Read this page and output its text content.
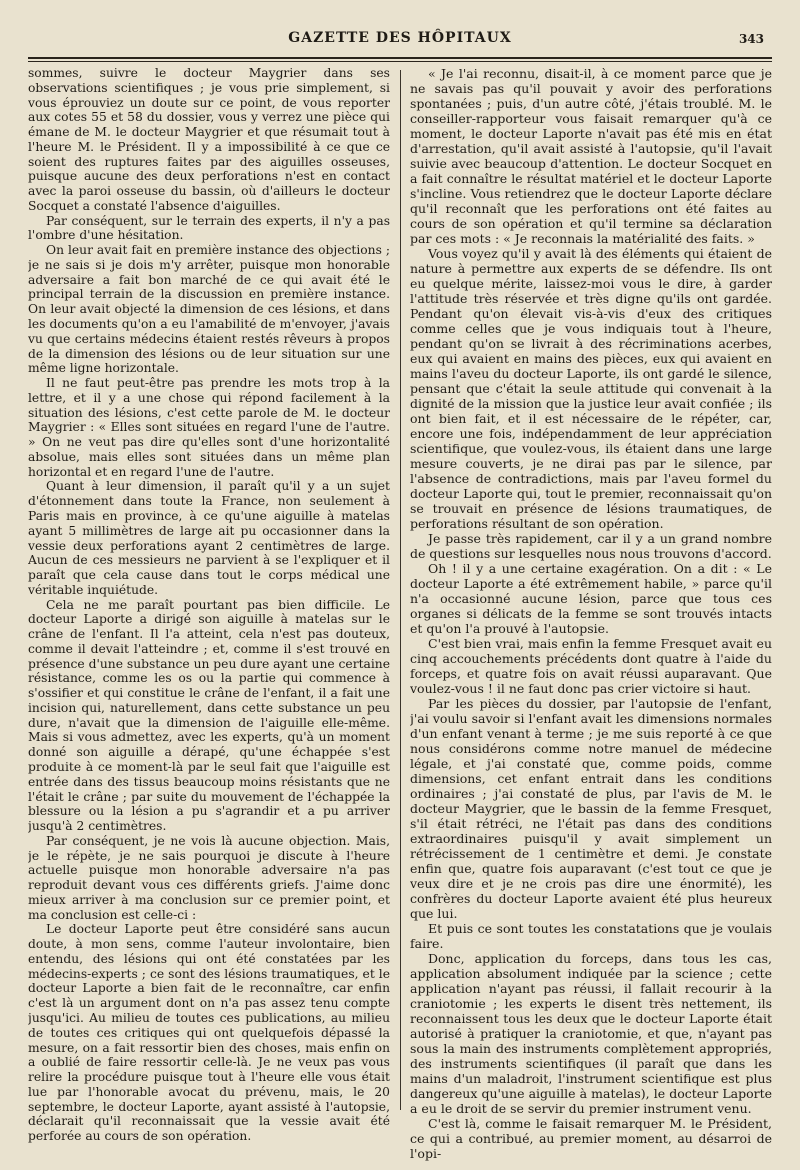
GAZETTE DES HÔPITAUX	343

sommes, suivre le docteur Maygrier dans ses observations scientifiques ; je vous prie simplement, si vous éprouviez un doute sur ce point, de vous reporter aux cotes 55 et 58 du dossier, vous y verrez une pièce qui émane de M. le docteur Maygrier et que résumait tout à l'heure M. le Président. Il y a impossibilité à ce que ce soient des ruptures faites par des aiguilles osseuses, puisque aucune des deux perforations n'est en contact avec la paroi osseuse du bassin, où d'ailleurs le docteur Socquet a constaté l'absence d'aiguilles.

Par conséquent, sur le terrain des experts, il n'y a pas l'ombre d'une hésitation.

On leur avait fait en première instance des objections ; je ne sais si je dois m'y arrêter, puisque mon honorable adversaire a fait bon marché de ce qui avait été le principal terrain de la discussion en première instance. On leur avait objecté la dimension de ces lésions, et dans les documents qu'on a eu l'amabilité de m'envoyer, j'avais vu que certains médecins étaient restés rêveurs à propos de la dimension des lésions ou de leur situation sur une même ligne horizontale.

Il ne faut peut-être pas prendre les mots trop à la lettre, et il y a une chose qui répond facilement à la situation des lésions, c'est cette parole de M. le docteur Maygrier : « Elles sont situées en regard l'une de l'autre. » On ne veut pas dire qu'elles sont d'une horizontalité absolue, mais elles sont situées dans un même plan horizontal et en regard l'une de l'autre.

Quant à leur dimension, il paraît qu'il y a un sujet d'étonnement dans toute la France, non seulement à Paris mais en province, à ce qu'une aiguille à matelas ayant 5 millimètres de large ait pu occasionner dans la vessie deux perforations ayant 2 centimètres de large. Aucun de ces messieurs ne parvient à se l'expliquer et il paraît que cela cause dans tout le corps médical une véritable inquiétude.

Cela ne me paraît pourtant pas bien difficile. Le docteur Laporte a dirigé son aiguille à matelas sur le crâne de l'enfant. Il l'a atteint, cela n'est pas douteux, comme il devait l'atteindre ; et, comme il s'est trouvé en présence d'une substance un peu dure ayant une certaine résistance, comme les os ou la partie qui commence à s'ossifier et qui constitue le crâne de l'enfant, il a fait une incision qui, naturellement, dans cette substance un peu dure, n'avait que la dimension de l'aiguille elle-même. Mais si vous admettez, avec les experts, qu'à un moment donné son aiguille a dérapé, qu'une échappée s'est produite à ce moment-là par le seul fait que l'aiguille est entrée dans des tissus beaucoup moins résistants que ne l'était le crâne ; par suite du mouvement de l'échappée la blessure ou la lésion a pu s'agrandir et a pu arriver jusqu'à 2 centimètres.

Par conséquent, je ne vois là aucune objection. Mais, je le répète, je ne sais pourquoi je discute à l'heure actuelle puisque mon honorable adversaire n'a pas reproduit devant vous ces différents griefs. J'aime donc mieux arriver à ma conclusion sur ce premier point, et ma conclusion est celle-ci :

Le docteur Laporte peut être considéré sans aucun doute, à mon sens, comme l'auteur involontaire, bien entendu, des lésions qui ont été constatées par les médecins-experts ; ce sont des lésions traumatiques, et le docteur Laporte a bien fait de le reconnaître, car enfin c'est là un argument dont on n'a pas assez tenu compte jusqu'ici. Au milieu de toutes ces publications, au milieu de toutes ces critiques qui ont quelquefois dépassé la mesure, on a fait ressortir bien des choses, mais enfin on a oublié de faire ressortir celle-là. Je ne veux pas vous relire la procédure puisque tout à l'heure elle vous était lue par l'honorable avocat du prévenu, mais, le 20 septembre, le docteur Laporte, ayant assisté à l'autopsie, déclarait qu'il reconnaissait que la vessie avait été perforée au cours de son opération.

« Je l'ai reconnu, disait-il, à ce moment parce que je ne savais pas qu'il pouvait y avoir des perforations spontanées ; puis, d'un autre côté, j'étais troublé. M. le conseiller-rapporteur vous faisait remarquer qu'à ce moment, le docteur Laporte n'avait pas été mis en état d'arrestation, qu'il avait assisté à l'autopsie, qu'il l'avait suivie avec beaucoup d'attention. Le docteur Socquet en a fait connaître le résultat matériel et le docteur Laporte s'incline. Vous retiendrez que le docteur Laporte déclare qu'il reconnaît que les perforations ont été faites au cours de son opération et qu'il termine sa déclaration par ces mots : « Je reconnais la matérialité des faits. »

Vous voyez qu'il y avait là des éléments qui étaient de nature à permettre aux experts de se défendre. Ils ont eu quelque mérite, laissez-moi vous le dire, à garder l'attitude très réservée et très digne qu'ils ont gardée. Pendant qu'on élevait vis-à-vis d'eux des critiques comme celles que je vous indiquais tout à l'heure, pendant qu'on se livrait à des récriminations acerbes, eux qui avaient en mains des pièces, eux qui avaient en mains l'aveu du docteur Laporte, ils ont gardé le silence, pensant que c'était la seule attitude qui convenait à la dignité de la mission que la justice leur avait confiée ; ils ont bien fait, et il est nécessaire de le répéter, car, encore une fois, indépendamment de leur appréciation scientifique, que voulez-vous, ils étaient dans une large mesure couverts, je ne dirai pas par le silence, par l'absence de contradictions, mais par l'aveu formel du docteur Laporte qui, tout le premier, reconnaissait qu'on se trouvait en présence de lésions traumatiques, de perforations résultant de son opération.

Je passe très rapidement, car il y a un grand nombre de questions sur lesquelles nous nous trouvons d'accord.

Oh ! il y a une certaine exagération. On a dit : « Le docteur Laporte a été extrêmement habile, » parce qu'il n'a occasionné aucune lésion, parce que tous ces organes si délicats de la femme se sont trouvés intacts et qu'on l'a prouvé à l'autopsie.

C'est bien vrai, mais enfin la femme Fresquet avait eu cinq accouchements précédents dont quatre à l'aide du forceps, et quatre fois on avait réussi auparavant. Que voulez-vous ! il ne faut donc pas crier victoire si haut.

Par les pièces du dossier, par l'autopsie de l'enfant, j'ai voulu savoir si l'enfant avait les dimensions normales d'un enfant venant à terme ; je me suis reporté à ce que nous considérons comme notre manuel de médecine légale, et j'ai constaté que, comme poids, comme dimensions, cet enfant entrait dans les conditions ordinaires ; j'ai constaté de plus, par l'avis de M. le docteur Maygrier, que le bassin de la femme Fresquet, s'il était rétréci, ne l'était pas dans des conditions extraordinaires puisqu'il y avait simplement un rétrécissement de 1 centimètre et demi. Je constate enfin que, quatre fois auparavant (c'est tout ce que je veux dire et je ne crois pas dire une énormité), les confrères du docteur Laporte avaient été plus heureux que lui.

Et puis ce sont toutes les constatations que je voulais faire.

Donc, application du forceps, dans tous les cas, application absolument indiquée par la science ; cette application n'ayant pas réussi, il fallait recourir à la craniotomie ; les experts le disent très nettement, ils reconnaissent tous les deux que le docteur Laporte était autorisé à pratiquer la craniotomie, et que, n'ayant pas sous la main des instruments complètement appropriés, des instruments scientifiques (il paraît que dans les mains d'un maladroit, l'instrument scientifique est plus dangereux qu'une aiguille à matelas), le docteur Laporte a eu le droit de se servir du premier instrument venu.

C'est là, comme le faisait remarquer M. le Président, ce qui a contribué, au premier moment, au désarroi de l'opi-
